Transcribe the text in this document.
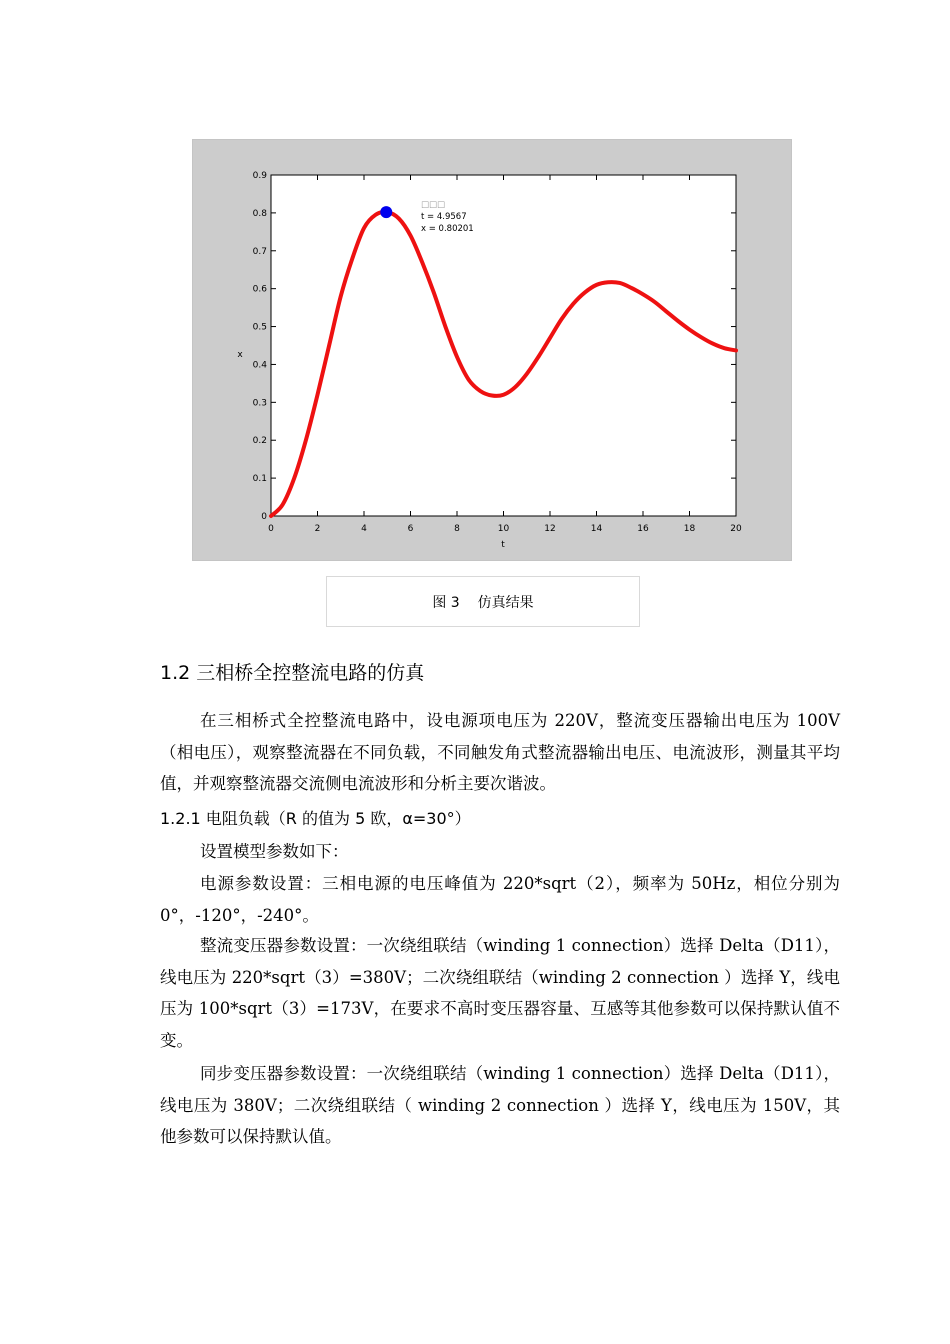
0	2	4	6	8	10	12	14	16	18	20
0
0.1
0.2
0.3
0.4
0.5
0.6
0.7
0.8
0.9
t
x
□□□
t = 4.9567
x = 0.80201
图 3 仿真结果
1.2 三相桥全控整流电路的仿真
在三相桥式全控整流电路中，设电源项电压为 220V，整流变压器输出电压为 100V（相电压），观察整流器在不同负载，不同触发角式整流器输出电压、电流波形，测量其平均值，并观察整流器交流侧电流波形和分析主要次谐波。
1.2.1 电阻负载（R 的值为 5 欧，α=30°）
设置模型参数如下：
电源参数设置：三相电源的电压峰值为 220*sqrt（2），频率为 50Hz，相位分别为 0°，-120°，-240°。
整流变压器参数设置：一次绕组联结（winding 1 connection）选择 Delta（D11），线电压为 220*sqrt（3）=380V；二次绕组联结（winding 2 connection ）选择 Y，线电压为 100*sqrt（3）=173V，在要求不高时变压器容量、互感等其他参数可以保持默认值不变。
同步变压器参数设置：一次绕组联结（winding 1 connection）选择 Delta（D11），线电压为 380V；二次绕组联结（ winding 2 connection ）选择 Y，线电压为 150V，其他参数可以保持默认值。
